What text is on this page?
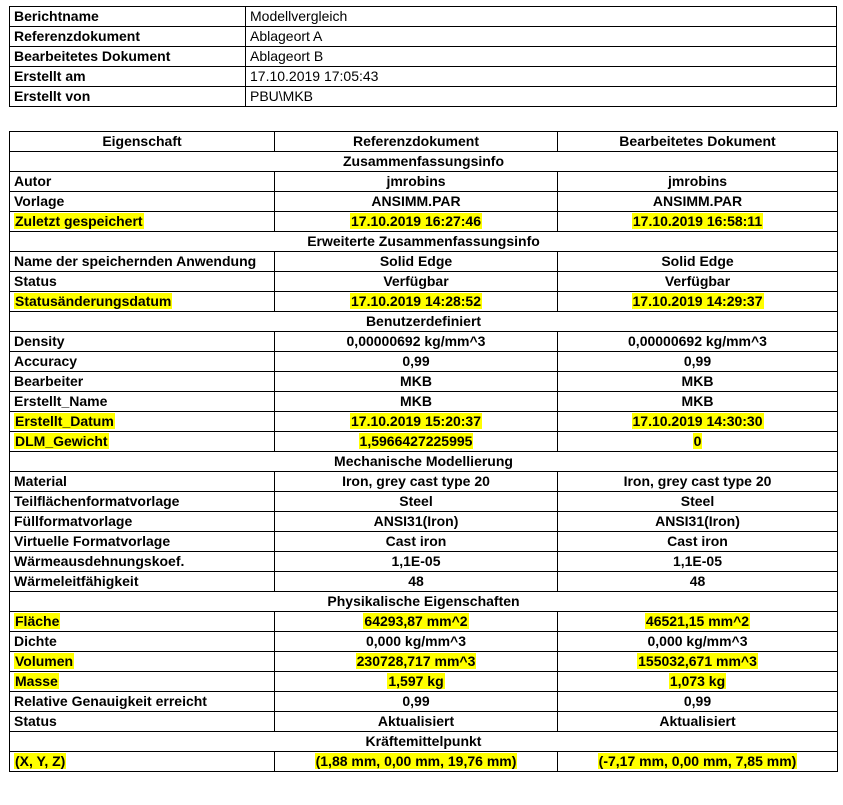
Berichtname	Modellvergleich
Referenzdokument	Ablageort A
Bearbeitetes Dokument	Ablageort B
Erstellt am	17.10.2019 17:05:43
Erstellt von	PBU\MKB
Eigenschaft	Referenzdokument	Bearbeitetes Dokument
Zusammenfassungsinfo		
Autor	jmrobins	jmrobins
Vorlage	ANSIMM.PAR	ANSIMM.PAR
Zuletzt gespeichert	17.10.2019 16:27:46	17.10.2019 16:58:11
Erweiterte Zusammenfassungsinfo		
Name der speichernden Anwendung	Solid Edge	Solid Edge
Status	Verfügbar	Verfügbar
Statusänderungsdatum	17.10.2019 14:28:52	17.10.2019 14:29:37
Benutzerdefiniert		
Density	0,00000692 kg/mm^3	0,00000692 kg/mm^3
Accuracy	0,99	0,99
Bearbeiter	MKB	MKB
Erstellt_Name	MKB	MKB
Erstellt_Datum	17.10.2019 15:20:37	17.10.2019 14:30:30
DLM_Gewicht	1,5966427225995	0
Mechanische Modellierung		
Material	Iron, grey cast type 20	Iron, grey cast type 20
Teilflächenformatvorlage	Steel	Steel
Füllformatvorlage	ANSI31(Iron)	ANSI31(Iron)
Virtuelle Formatvorlage	Cast iron	Cast iron
Wärmeausdehnungskoef.	1,1E-05	1,1E-05
Wärmeleitfähigkeit	48	48
Physikalische Eigenschaften		
Fläche	64293,87 mm^2	46521,15 mm^2
Dichte	0,000 kg/mm^3	0,000 kg/mm^3
Volumen	230728,717 mm^3	155032,671 mm^3
Masse	1,597 kg	1,073 kg
Relative Genauigkeit erreicht	0,99	0,99
Status	Aktualisiert	Aktualisiert
Kräftemittelpunkt		
(X, Y, Z)	(1,88 mm, 0,00 mm, 19,76 mm)	(-7,17 mm, 0,00 mm, 7,85 mm)
